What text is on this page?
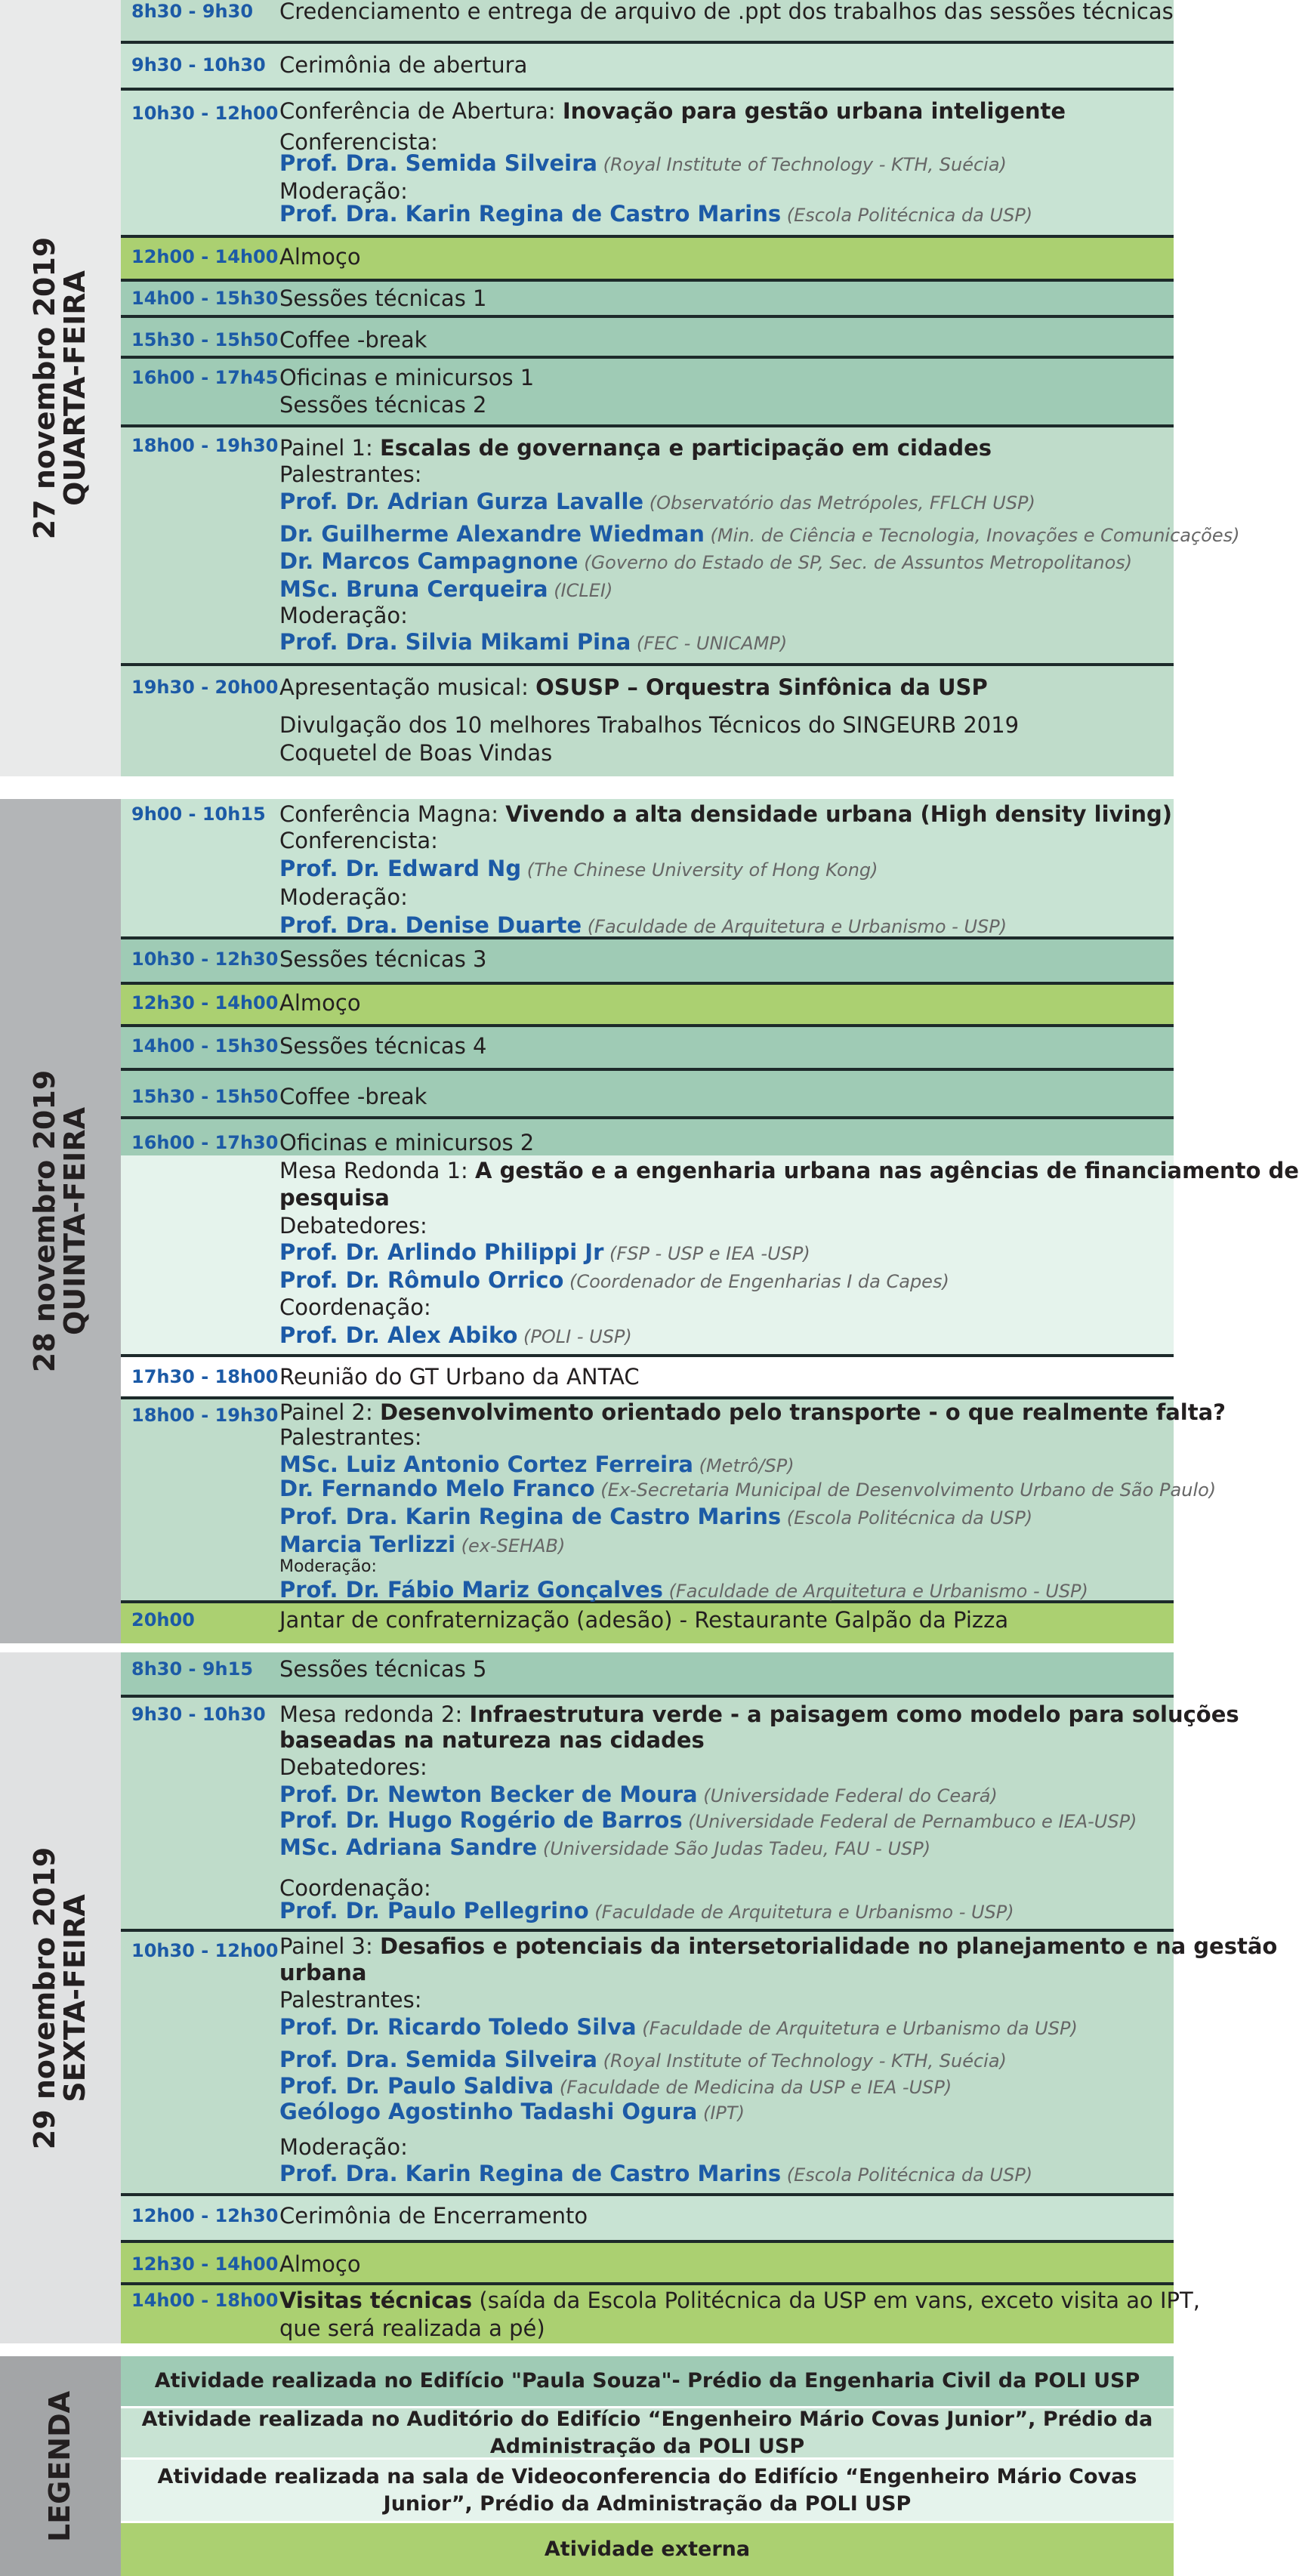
27 novembro 2019
QUARTA-FEIRA
8h30 - 9h30 Credenciamento e entrega de arquivo de .ppt dos trabalhos das sessões técnicas
9h30 - 10h30 Cerimônia de abertura
10h30 - 12h00 Conferência de Abertura: Inovação para gestão urbana inteligente
Conferencista:
Prof. Dra. Semida Silveira (Royal Institute of Technology - KTH, Suécia)
Moderação:
Prof. Dra. Karin Regina de Castro Marins (Escola Politécnica da USP)
12h00 - 14h00 Almoço
14h00 - 15h30 Sessões técnicas 1
15h30 - 15h50 Coffee -break
16h00 - 17h45 Oficinas e minicursos 1
Sessões técnicas 2
18h00 - 19h30 Painel 1: Escalas de governança e participação em cidades
Palestrantes:
Prof. Dr. Adrian Gurza Lavalle (Observatório das Metrópoles, FFLCH USP)
Dr. Guilherme Alexandre Wiedman (Min. de Ciência e Tecnologia, Inovações e Comunicações)
Dr. Marcos Campagnone (Governo do Estado de SP, Sec. de Assuntos Metropolitanos)
MSc. Bruna Cerqueira (ICLEI)
Moderação:
Prof. Dra. Silvia Mikami Pina (FEC - UNICAMP)
19h30 - 20h00 Apresentação musical: OSUSP – Orquestra Sinfônica da USP
Divulgação dos 10 melhores Trabalhos Técnicos do SINGEURB 2019
Coquetel de Boas Vindas
28 novembro 2019
QUINTA-FEIRA
9h00 - 10h15 Conferência Magna: Vivendo a alta densidade urbana (High density living)
Conferencista:
Prof. Dr. Edward Ng (The Chinese University of Hong Kong)
Moderação:
Prof. Dra. Denise Duarte (Faculdade de Arquitetura e Urbanismo - USP)
10h30 - 12h30 Sessões técnicas 3
12h30 - 14h00 Almoço
14h00 - 15h30 Sessões técnicas 4
15h30 - 15h50 Coffee -break
16h00 - 17h30 Oficinas e minicursos 2
Mesa Redonda 1: A gestão e a engenharia urbana nas agências de financiamento de
pesquisa
Debatedores:
Prof. Dr. Arlindo Philippi Jr (FSP - USP e IEA -USP)
Prof. Dr. Rômulo Orrico (Coordenador de Engenharias I da Capes)
Coordenação:
Prof. Dr. Alex Abiko (POLI - USP)
17h30 - 18h00 Reunião do GT Urbano da ANTAC
18h00 - 19h30 Painel 2: Desenvolvimento orientado pelo transporte - o que realmente falta?
Palestrantes:
MSc. Luiz Antonio Cortez Ferreira (Metrô/SP)
Dr. Fernando Melo Franco (Ex-Secretaria Municipal de Desenvolvimento Urbano de São Paulo)
Prof. Dra. Karin Regina de Castro Marins (Escola Politécnica da USP)
Marcia Terlizzi (ex-SEHAB)
Moderação:
Prof. Dr. Fábio Mariz Gonçalves (Faculdade de Arquitetura e Urbanismo - USP)
20h00	Jantar de confraternização (adesão) - Restaurante Galpão da Pizza
29 novembro 2019
SEXTA-FEIRA
8h30 - 9h15 Sessões técnicas 5
9h30 - 10h30 Mesa redonda 2: Infraestrutura verde - a paisagem como modelo para soluções
baseadas na natureza nas cidades
Debatedores:
Prof. Dr. Newton Becker de Moura (Universidade Federal do Ceará)
Prof. Dr. Hugo Rogério de Barros (Universidade Federal de Pernambuco e IEA-USP)
MSc. Adriana Sandre (Universidade São Judas Tadeu, FAU - USP)
Coordenação:
Prof. Dr. Paulo Pellegrino (Faculdade de Arquitetura e Urbanismo - USP)
10h30 - 12h00 Painel 3: Desafios e potenciais da intersetorialidade no planejamento e na gestão
urbana
Palestrantes:
Prof. Dr. Ricardo Toledo Silva (Faculdade de Arquitetura e Urbanismo da USP)
Prof. Dra. Semida Silveira (Royal Institute of Technology - KTH, Suécia)
Prof. Dr. Paulo Saldiva (Faculdade de Medicina da USP e IEA -USP)
Geólogo Agostinho Tadashi Ogura (IPT)
Moderação:
Prof. Dra. Karin Regina de Castro Marins (Escola Politécnica da USP)
12h00 - 12h30 Cerimônia de Encerramento
12h30 - 14h00 Almoço
14h00 - 18h00 Visitas técnicas (saída da Escola Politécnica da USP em vans, exceto visita ao IPT,
que será realizada a pé)
LEGENDA
Atividade realizada no Edifício "Paula Souza"- Prédio da Engenharia Civil da POLI USP
Atividade realizada no Auditório do Edifício “Engenheiro Mário Covas Junior”, Prédio da Administração da POLI USP
Atividade realizada na sala de Videoconferencia do Edifício “Engenheiro Mário Covas Junior”, Prédio da Administração da POLI USP
Atividade externa
